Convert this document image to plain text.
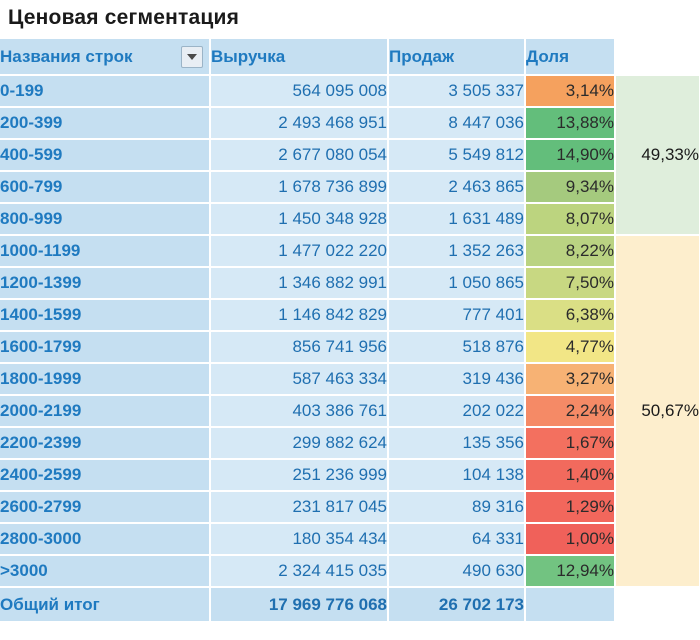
Ценовая сегментация
Названия строк	Выручка	Продаж	Доля	
0-199	564 095 008	3 505 337	3,14%	49,33%
200-399	2 493 468 951	8 447 036	13,88%	
400-599	2 677 080 054	5 549 812	14,90%	
600-799	1 678 736 899	2 463 865	9,34%	
800-999	1 450 348 928	1 631 489	8,07%	
1000-1199	1 477 022 220	1 352 263	8,22%	50,67%
1200-1399	1 346 882 991	1 050 865	7,50%	
1400-1599	1 146 842 829	777 401	6,38%	
1600-1799	856 741 956	518 876	4,77%	
1800-1999	587 463 334	319 436	3,27%	
2000-2199	403 386 761	202 022	2,24%	
2200-2399	299 882 624	135 356	1,67%	
2400-2599	251 236 999	104 138	1,40%	
2600-2799	231 817 045	89 316	1,29%	
2800-3000	180 354 434	64 331	1,00%	
>3000	2 324 415 035	490 630	12,94%	
Общий итог	17 969 776 068	26 702 173		
